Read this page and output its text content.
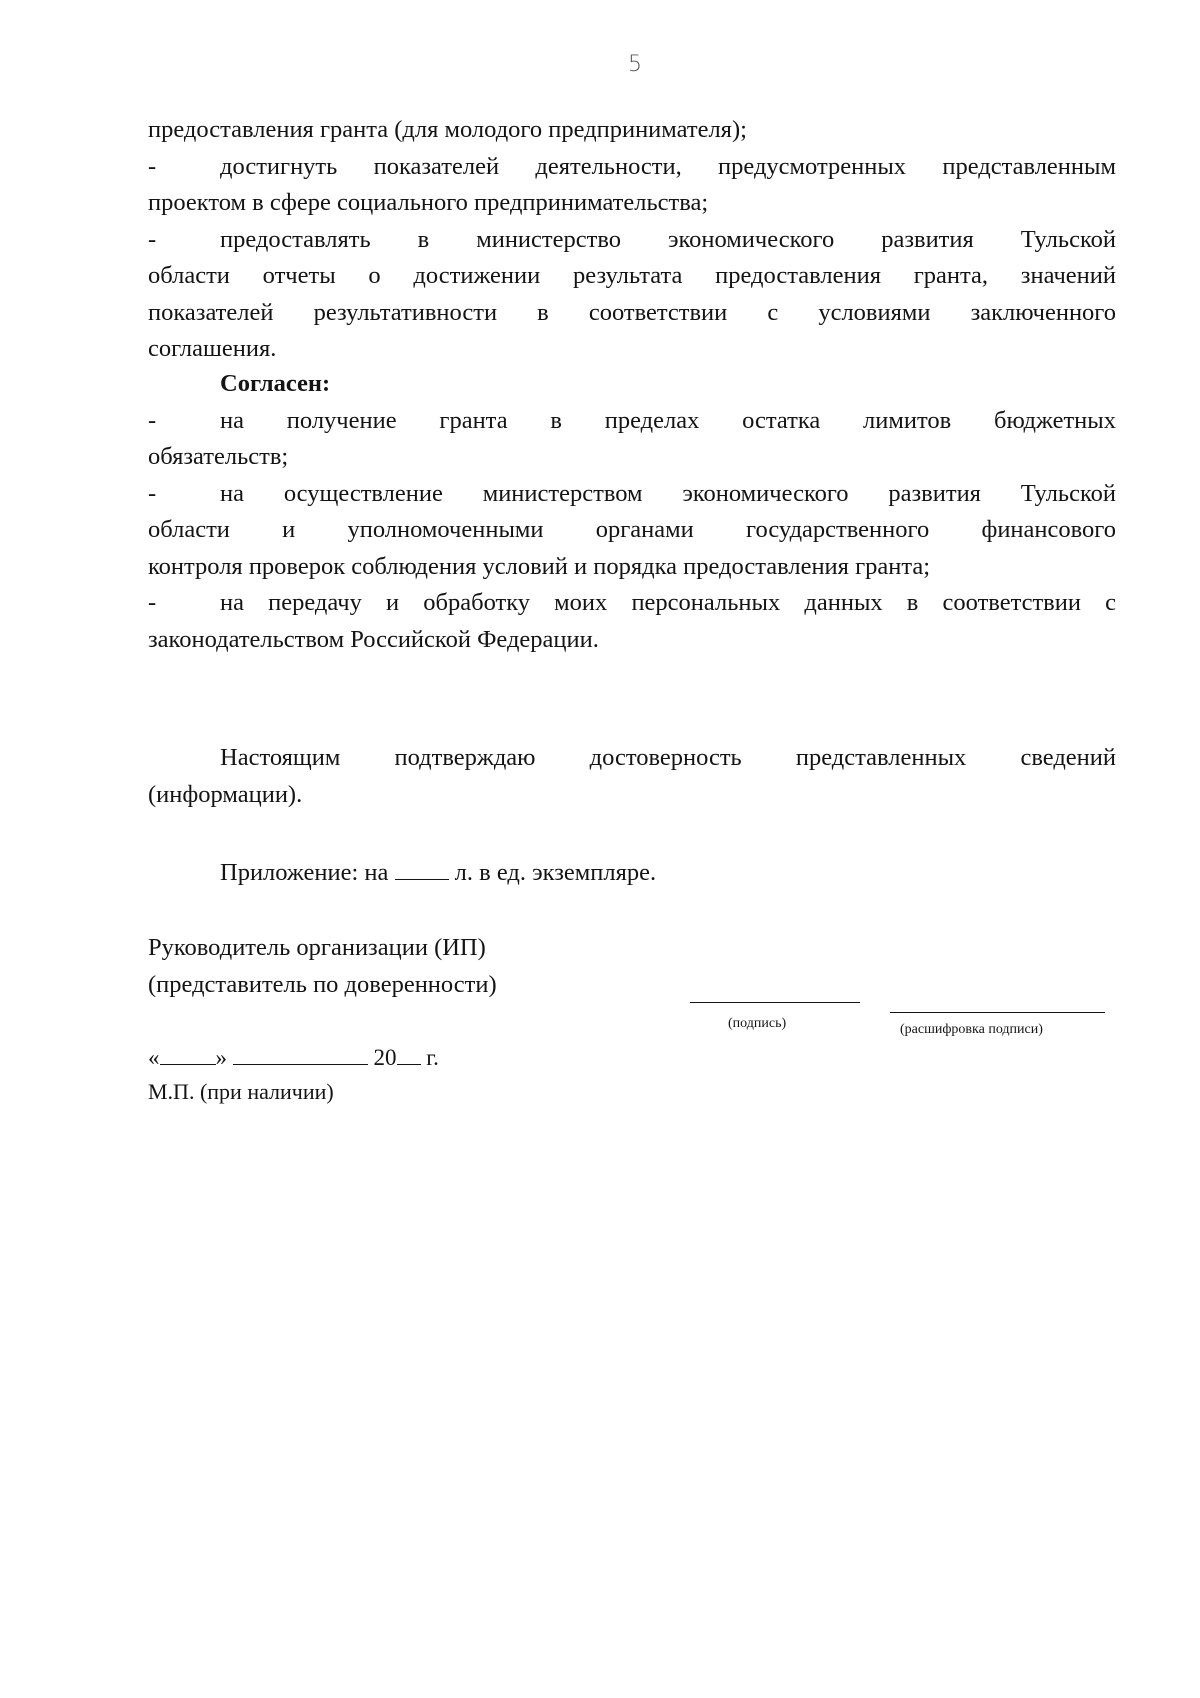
5
предоставления гранта (для молодого предпринимателя);
-	достигнуть показателей деятельности, предусмотренных представленным
проектом в сфере социального предпринимательства;
-	предоставлять в министерство экономического развития Тульской
области отчеты о достижении результата предоставления гранта, значений
показателей результативности в соответствии с условиями заключенного
соглашения.
Согласен:
-	на получение гранта в пределах остатка лимитов бюджетных
обязательств;
-	на осуществление министерством экономического развития Тульской
области и уполномоченными органами государственного финансового
контроля проверок соблюдения условий и порядка предоставления гранта;
-	на передачу и обработку моих персональных данных в соответствии с
законодательством Российской Федерации.
Настоящим подтверждаю достоверность представленных сведений
(информации).
Приложение: на	л. в ед. экземпляре.
Руководитель организации (ИП)
(представитель по доверенности)
(подпись)	(расшифровка подписи)
« »	20 г.
М.П. (при наличии)
